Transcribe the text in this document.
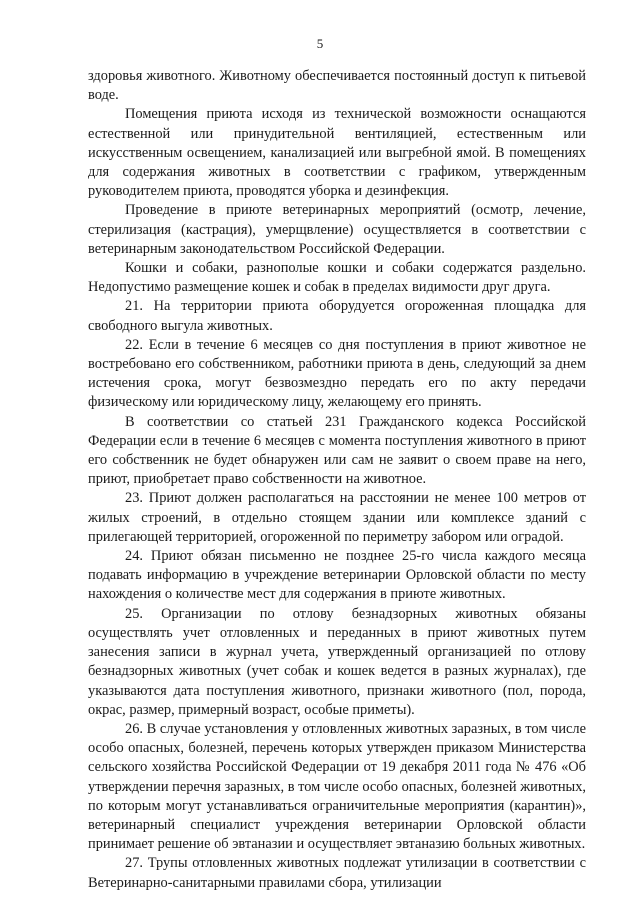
5

здоровья животного. Животному обеспечивается постоянный доступ к питьевой воде.

Помещения приюта исходя из технической возможности оснащаются естественной или принудительной вентиляцией, естественным или искусственным освещением, канализацией или выгребной ямой. В помещениях для содержания животных в соответствии с графиком, утвержденным руководителем приюта, проводятся уборка и дезинфекция.

Проведение в приюте ветеринарных мероприятий (осмотр, лечение, стерилизация (кастрация), умерщвление) осуществляется в соответствии с ветеринарным законодательством Российской Федерации.

Кошки и собаки, разнополые кошки и собаки содержатся раздельно. Недопустимо размещение кошек и собак в пределах видимости друг друга.

21. На территории приюта оборудуется огороженная площадка для свободного выгула животных.

22. Если в течение 6 месяцев со дня поступления в приют животное не востребовано его собственником, работники приюта в день, следующий за днем истечения срока, могут безвозмездно передать его по акту передачи физическому или юридическому лицу, желающему его принять.

В соответствии со статьей 231 Гражданского кодекса Российской Федерации если в течение 6 месяцев с момента поступления животного в приют его собственник не будет обнаружен или сам не заявит о своем праве на него, приют, приобретает право собственности на животное.

23. Приют должен располагаться на расстоянии не менее 100 метров от жилых строений, в отдельно стоящем здании или комплексе зданий с прилегающей территорией, огороженной по периметру забором или оградой.

24. Приют обязан письменно не позднее 25-го числа каждого месяца подавать информацию в учреждение ветеринарии Орловской области по месту нахождения о количестве мест для содержания в приюте животных.

25. Организации по отлову безнадзорных животных обязаны осуществлять учет отловленных и переданных в приют животных путем занесения записи в журнал учета, утвержденный организацией по отлову безнадзорных животных (учет собак и кошек ведется в разных журналах), где указываются дата поступления животного, признаки животного (пол, порода, окрас, размер, примерный возраст, особые приметы).

26. В случае установления у отловленных животных заразных, в том числе особо опасных, болезней, перечень которых утвержден приказом Министерства сельского хозяйства Российской Федерации от 19 декабря 2011 года № 476 «Об утверждении перечня заразных, в том числе особо опасных, болезней животных, по которым могут устанавливаться ограничительные мероприятия (карантин)», ветеринарный специалист учреждения ветеринарии Орловской области принимает решение об эвтаназии и осуществляет эвтаназию больных животных.

27. Трупы отловленных животных подлежат утилизации в соответствии с Ветеринарно-санитарными правилами сбора, утилизации
